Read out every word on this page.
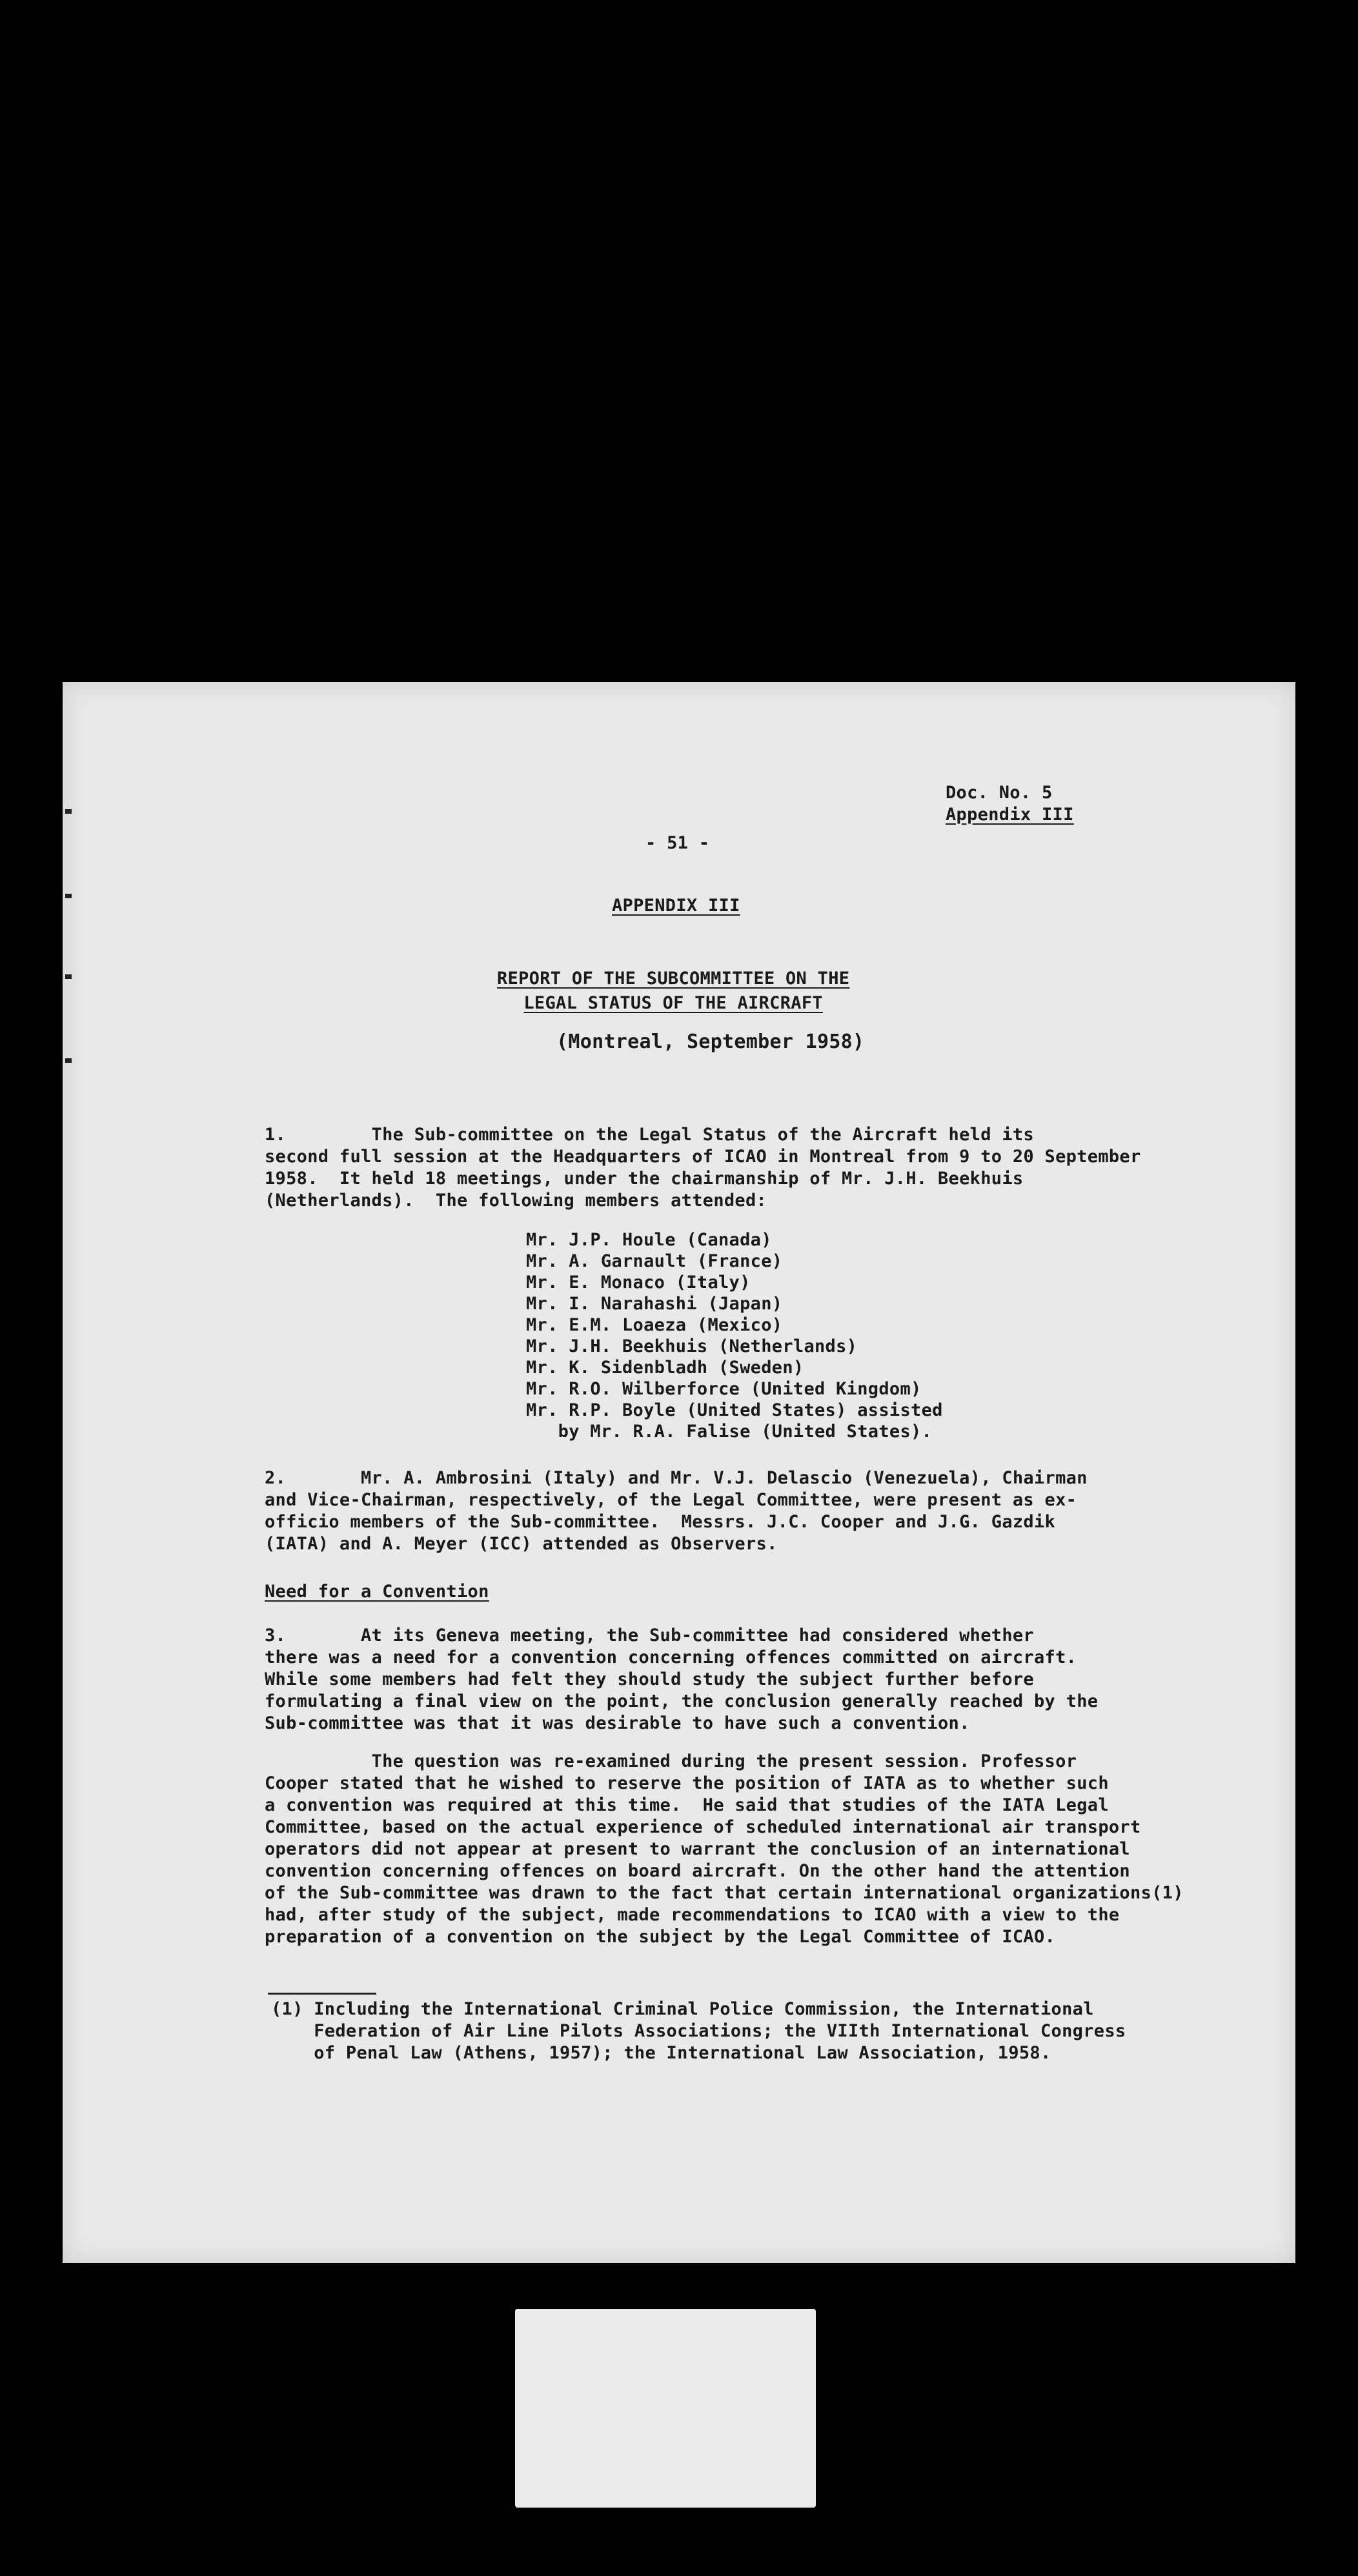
Doc. No. 5
Appendix III
- 51 -
APPENDIX III
REPORT OF THE SUBCOMMITTEE ON THE
LEGAL STATUS OF THE AIRCRAFT
(Montreal, September 1958)
1.        The Sub-committee on the Legal Status of the Aircraft held its
second full session at the Headquarters of ICAO in Montreal from 9 to 20 September
1958.  It held 18 meetings, under the chairmanship of Mr. J.H. Beekhuis
(Netherlands).  The following members attended:
Mr. J.P. Houle (Canada)
Mr. A. Garnault (France)
Mr. E. Monaco (Italy)
Mr. I. Narahashi (Japan)
Mr. E.M. Loaeza (Mexico)
Mr. J.H. Beekhuis (Netherlands)
Mr. K. Sidenbladh (Sweden)
Mr. R.O. Wilberforce (United Kingdom)
Mr. R.P. Boyle (United States) assisted
by Mr. R.A. Falise (United States).
2.       Mr. A. Ambrosini (Italy) and Mr. V.J. Delascio (Venezuela), Chairman
and Vice-Chairman, respectively, of the Legal Committee, were present as ex-
officio members of the Sub-committee.  Messrs. J.C. Cooper and J.G. Gazdik
(IATA) and A. Meyer (ICC) attended as Observers.
Need for a Convention
3.       At its Geneva meeting, the Sub-committee had considered whether
there was a need for a convention concerning offences committed on aircraft.
While some members had felt they should study the subject further before
formulating a final view on the point, the conclusion generally reached by the
Sub-committee was that it was desirable to have such a convention.
The question was re-examined during the present session. Professor
Cooper stated that he wished to reserve the position of IATA as to whether such
a convention was required at this time.  He said that studies of the IATA Legal
Committee, based on the actual experience of scheduled international air transport
operators did not appear at present to warrant the conclusion of an international
convention concerning offences on board aircraft. On the other hand the attention
of the Sub-committee was drawn to the fact that certain international organizations(1)
had, after study of the subject, made recommendations to ICAO with a view to the
preparation of a convention on the subject by the Legal Committee of ICAO.
(1) Including the International Criminal Police Commission, the International
Federation of Air Line Pilots Associations; the VIIth International Congress
of Penal Law (Athens, 1957); the International Law Association, 1958.
